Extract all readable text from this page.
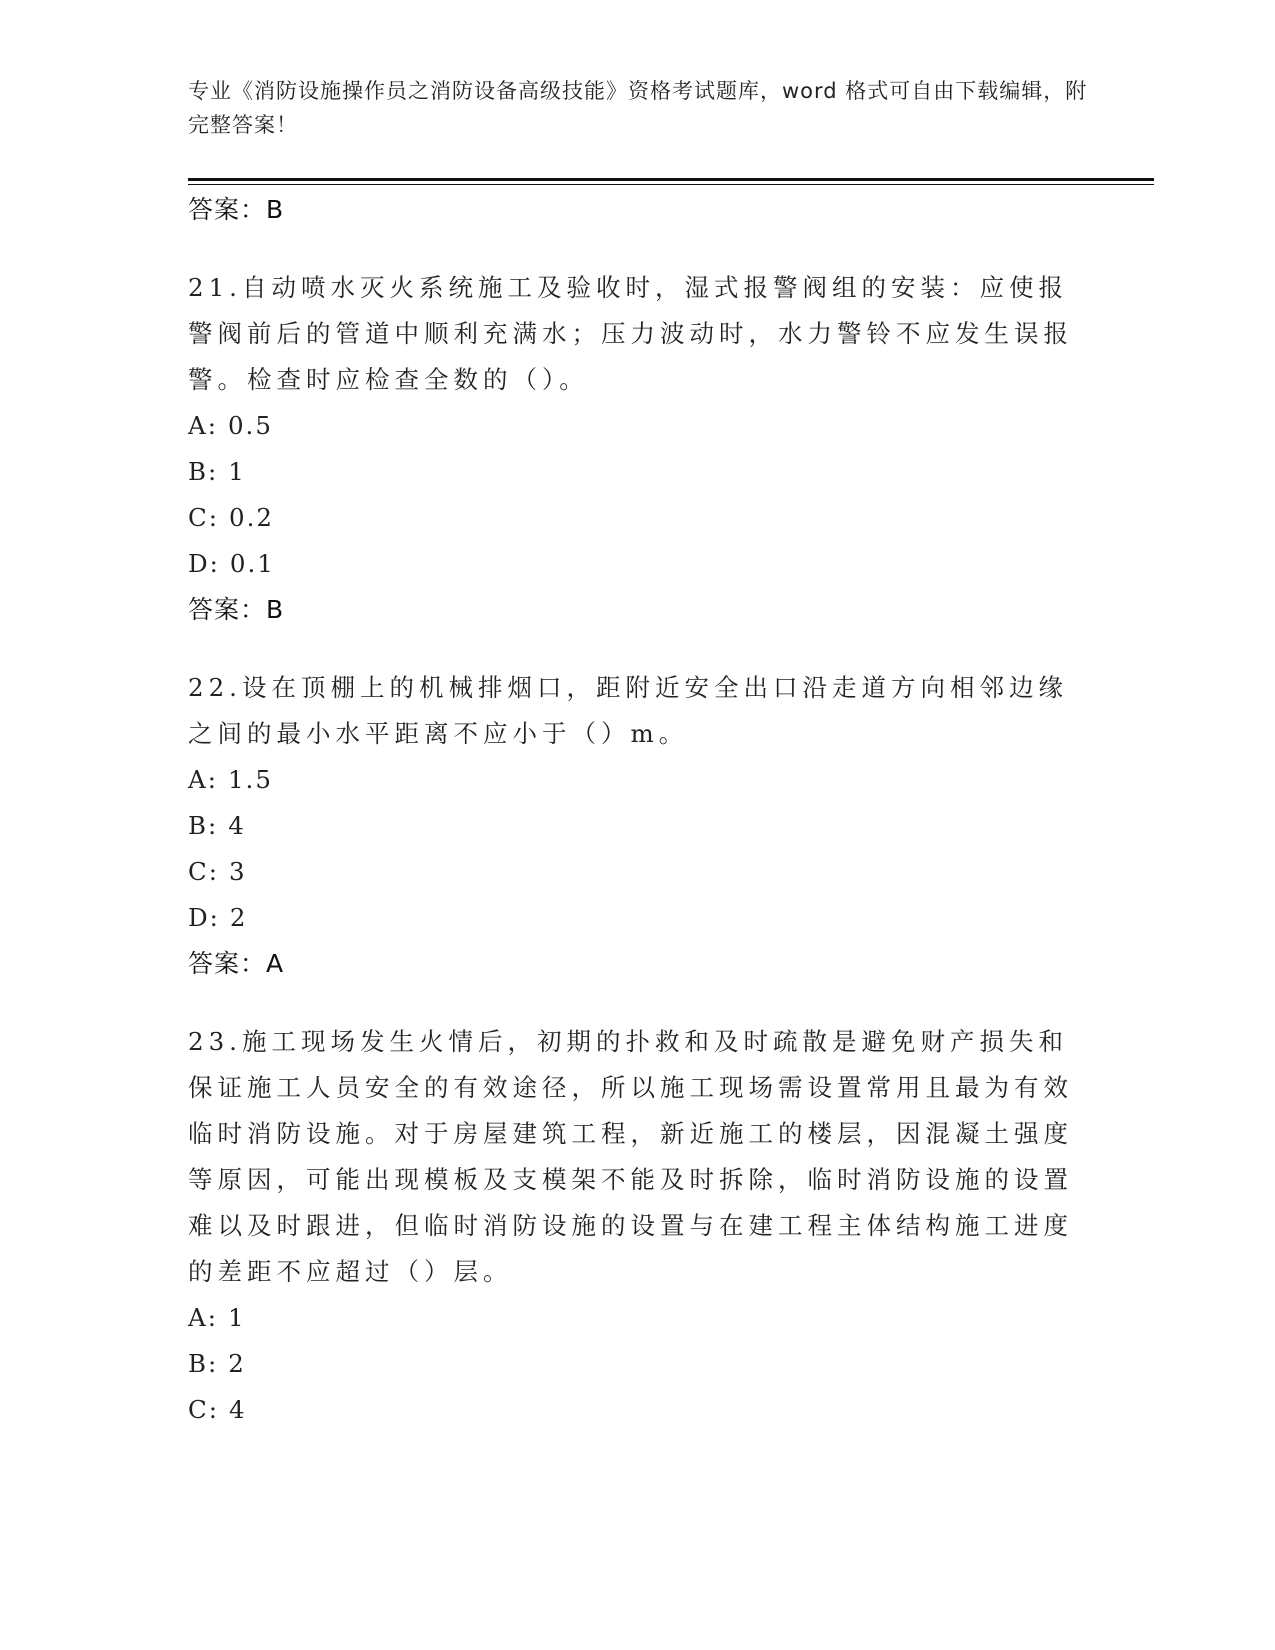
专业《消防设施操作员之消防设备高级技能》资格考试题库，word 格式可自由下载编辑，附完整答案！
答案：B

21.自动喷水灭火系统施工及验收时，湿式报警阀组的安装：应使报警阀前后的管道中顺利充满水；压力波动时，水力警铃不应发生误报警。检查时应检查全数的（）。

A: 0.5
B: 1
C: 0.2
D: 0.1
答案：B

22.设在顶棚上的机械排烟口，距附近安全出口沿走道方向相邻边缘之间的最小水平距离不应小于（）m。

A: 1.5
B: 4
C: 3
D: 2
答案：A

23.施工现场发生火情后，初期的扑救和及时疏散是避免财产损失和保证施工人员安全的有效途径，所以施工现场需设置常用且最为有效临时消防设施。对于房屋建筑工程，新近施工的楼层，因混凝土强度等原因，可能出现模板及支模架不能及时拆除，临时消防设施的设置难以及时跟进，但临时消防设施的设置与在建工程主体结构施工进度的差距不应超过（）层。

A: 1
B: 2
C: 4
